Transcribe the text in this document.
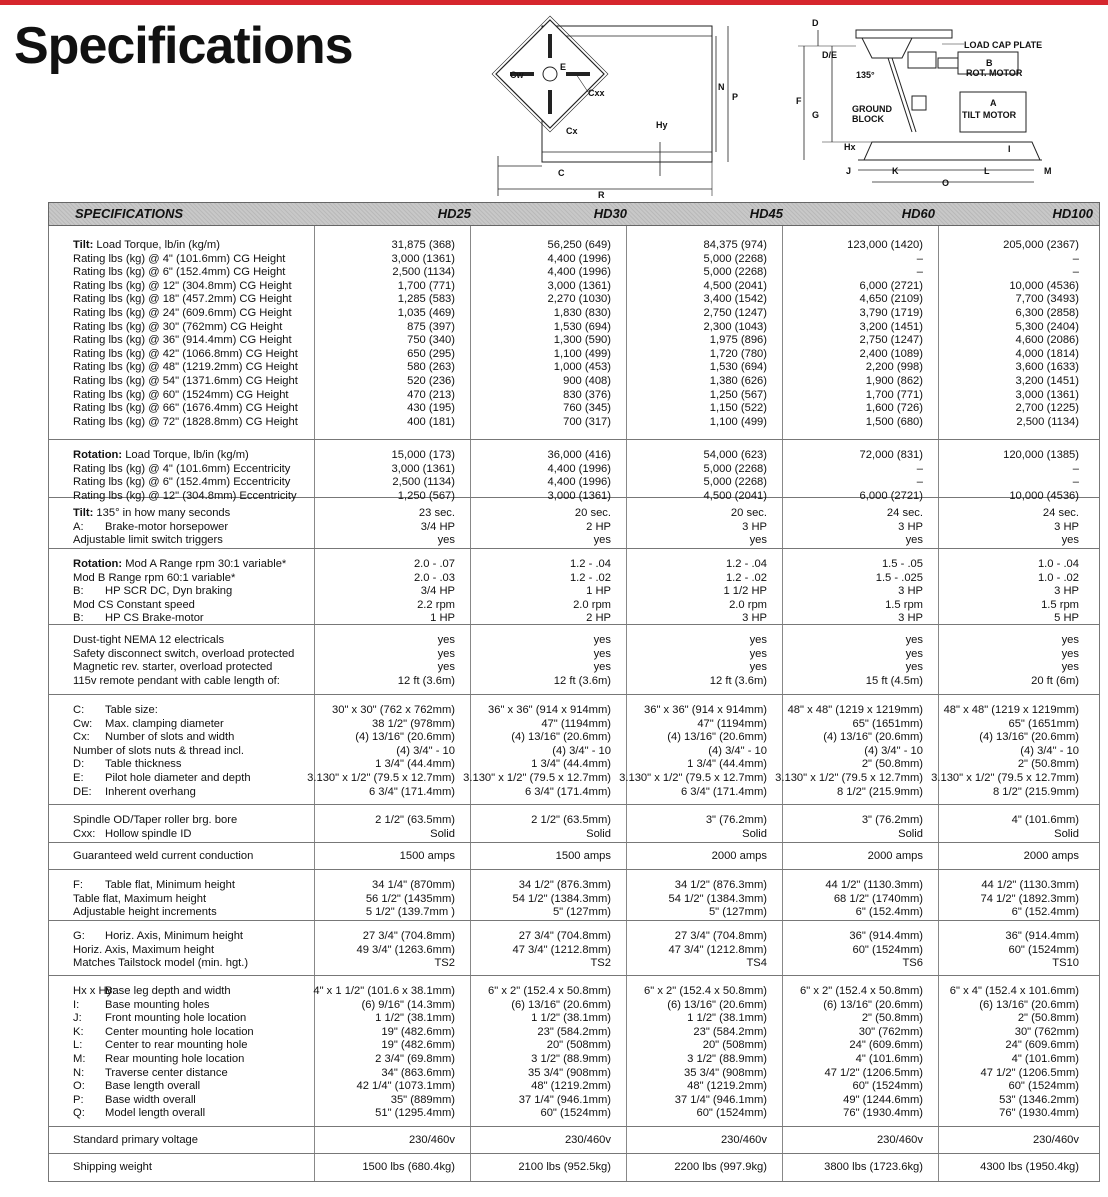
Specifications	Cw
E
Cxx
Cx
Hy
N
P
C
R
D
D/E
LOAD CAP PLATE
B
ROT. MOTOR
135°
F
G
GROUND
BLOCK
A
TILT MOTOR
Hx
J	K	L
I
O
M
SPECIFICATIONS	HD25	HD30	HD45	HD60	HD100
Tilt: Load Torque, lb/in (kg/m)	31,875 (368)	56,250 (649)	84,375 (974)	123,000 (1420)	205,000 (2367)
Rating lbs (kg) @ 4" (101.6mm) CG Height	3,000 (1361)	4,400 (1996)	5,000 (2268)	–	–
Rating lbs (kg) @ 6" (152.4mm) CG Height	2,500 (1134)	4,400 (1996)	5,000 (2268)	–	–
Rating lbs (kg) @ 12" (304.8mm) CG Height	1,700 (771)	3,000 (1361)	4,500 (2041)	6,000 (2721)	10,000 (4536)
Rating lbs (kg) @ 18" (457.2mm) CG Height	1,285 (583)	2,270 (1030)	3,400 (1542)	4,650 (2109)	7,700 (3493)
Rating lbs (kg) @ 24" (609.6mm) CG Height	1,035 (469)	1,830 (830)	2,750 (1247)	3,790 (1719)	6,300 (2858)
Rating lbs (kg) @ 30" (762mm) CG Height	875 (397)	1,530 (694)	2,300 (1043)	3,200 (1451)	5,300 (2404)
Rating lbs (kg) @ 36" (914.4mm) CG Height	750 (340)	1,300 (590)	1,975 (896)	2,750 (1247)	4,600 (2086)
Rating lbs (kg) @ 42" (1066.8mm) CG Height	650 (295)	1,100 (499)	1,720 (780)	2,400 (1089)	4,000 (1814)
Rating lbs (kg) @ 48" (1219.2mm) CG Height	580 (263)	1,000 (453)	1,530 (694)	2,200 (998)	3,600 (1633)
Rating lbs (kg) @ 54" (1371.6mm) CG Height	520 (236)	900 (408)	1,380 (626)	1,900 (862)	3,200 (1451)
Rating lbs (kg) @ 60" (1524mm) CG Height	470 (213)	830 (376)	1,250 (567)	1,700 (771)	3,000 (1361)
Rating lbs (kg) @ 66" (1676.4mm) CG Height	430 (195)	760 (345)	1,150 (522)	1,600 (726)	2,700 (1225)
Rating lbs (kg) @ 72" (1828.8mm) CG Height	400 (181)	700 (317)	1,100 (499)	1,500 (680)	2,500 (1134)
Rotation: Load Torque, lb/in (kg/m)	15,000 (173)	36,000 (416)	54,000 (623)	72,000 (831)	120,000 (1385)
Rating lbs (kg) @ 4" (101.6mm) Eccentricity	3,000 (1361)	4,400 (1996)	5,000 (2268)	–	–
Rating lbs (kg) @ 6" (152.4mm) Eccentricity	2,500 (1134)	4,400 (1996)	5,000 (2268)	–	–
Rating lbs (kg) @ 12" (304.8mm) Eccentricity	1,250 (567)	3,000 (1361)	4,500 (2041)	6,000 (2721)	10,000 (4536)
Tilt: 135° in how many seconds	23 sec.	20 sec.	20 sec.	24 sec.	24 sec.
A: Brake-motor horsepower	3/4 HP	2 HP	3 HP	3 HP	3 HP
Adjustable limit switch triggers	yes	yes	yes	yes	yes
Rotation: Mod A Range rpm 30:1 variable*	2.0 - .07	1.2 - .04	1.2 - .04	1.5 - .05	1.0 - .04
Mod B Range rpm 60:1 variable*	2.0 - .03	1.2 - .02	1.2 - .02	1.5 - .025	1.0 - .02
B: HP SCR DC, Dyn braking	3/4 HP	1 HP	1 1/2 HP	3 HP	3 HP
Mod CS Constant speed	2.2 rpm	2.0 rpm	2.0 rpm	1.5 rpm	1.5 rpm
B: HP CS Brake-motor	1 HP	2 HP	3 HP	3 HP	5 HP
Dust-tight NEMA 12 electricals	yes	yes	yes	yes	yes
Safety disconnect switch, overload protected	yes	yes	yes	yes	yes
Magnetic rev. starter, overload protected	yes	yes	yes	yes	yes
115v remote pendant with cable length of:	12 ft (3.6m)	12 ft (3.6m)	12 ft (3.6m)	15 ft (4.5m)	20 ft (6m)
C: Table size:	30" x 30" (762 x 762mm)	36" x 36" (914 x 914mm)	36" x 36" (914 x 914mm)	48" x 48" (1219 x 1219mm)	48" x 48" (1219 x 1219mm)
Cw: Max. clamping diameter	38 1/2" (978mm)	47" (1194mm)	47" (1194mm)	65" (1651mm)	65" (1651mm)
Cx: Number of slots and width	(4) 13/16" (20.6mm)	(4) 13/16" (20.6mm)	(4) 13/16" (20.6mm)	(4) 13/16" (20.6mm)	(4) 13/16" (20.6mm)
Number of slots nuts & thread incl.	(4) 3/4" - 10	(4) 3/4" - 10	(4) 3/4" - 10	(4) 3/4" - 10	(4) 3/4" - 10
D: Table thickness	1 3/4" (44.4mm)	1 3/4" (44.4mm)	1 3/4" (44.4mm)	2" (50.8mm)	2" (50.8mm)
E: Pilot hole diameter and depth	3.130" x 1/2" (79.5 x 12.7mm) 3.130" x 1/2" (79.5 x 12.7mm) 3.130" x 1/2" (79.5 x 12.7mm) 3.130" x 1/2" (79.5 x 12.7mm) 3.130" x 1/2" (79.5 x 12.7mm)
DE: Inherent overhang	6 3/4" (171.4mm)	6 3/4" (171.4mm)	6 3/4" (171.4mm)	8 1/2" (215.9mm)	8 1/2" (215.9mm)
Spindle OD/Taper roller brg. bore	2 1/2" (63.5mm)	2 1/2" (63.5mm)	3" (76.2mm)	3" (76.2mm)	4" (101.6mm)
Cxx: Hollow spindle ID	Solid	Solid	Solid	Solid	Solid
Guaranteed weld current conduction	1500 amps	1500 amps	2000 amps	2000 amps	2000 amps
F: Table flat, Minimum height	34 1/4" (870mm)	34 1/2" (876.3mm)	34 1/2" (876.3mm)	44 1/2" (1130.3mm)	44 1/2" (1130.3mm)
Table flat, Maximum height	56 1/2" (1435mm)	54 1/2" (1384.3mm)	54 1/2" (1384.3mm)	68 1/2" (1740mm)	74 1/2" (1892.3mm)
Adjustable height increments	5 1/2" (139.7mm )	5" (127mm)	5" (127mm)	6" (152.4mm)	6" (152.4mm)
G: Horiz. Axis, Minimum height	27 3/4" (704.8mm)	27 3/4" (704.8mm)	27 3/4" (704.8mm)	36" (914.4mm)	36" (914.4mm)
Horiz. Axis, Maximum height	49 3/4" (1263.6mm)	47 3/4" (1212.8mm)	47 3/4" (1212.8mm)	60" (1524mm)	60" (1524mm)
Matches Tailstock model (min. hgt.)	TS2	TS2	TS4	TS6	TS10
Hx x Hy:
Base leg depth and width	4" x 1 1/2" (101.6 x 38.1mm)	6" x 2" (152.4 x 50.8mm)	6" x 2" (152.4 x 50.8mm)	6" x 2" (152.4 x 50.8mm)	6" x 4" (152.4 x 101.6mm)
I: Base mounting holes	(6) 9/16" (14.3mm)	(6) 13/16" (20.6mm)	(6) 13/16" (20.6mm)	(6) 13/16" (20.6mm)	(6) 13/16" (20.6mm)
J: Front mounting hole location	1 1/2" (38.1mm)	1 1/2" (38.1mm)	1 1/2" (38.1mm)	2" (50.8mm)	2" (50.8mm)
K: Center mounting hole location	19" (482.6mm)	23" (584.2mm)	23" (584.2mm)	30" (762mm)	30" (762mm)
L: Center to rear mounting hole	19" (482.6mm)	20" (508mm)	20" (508mm)	24" (609.6mm)	24" (609.6mm)
M: Rear mounting hole location	2 3/4" (69.8mm)	3 1/2" (88.9mm)	3 1/2" (88.9mm)	4" (101.6mm)	4" (101.6mm)
N: Traverse center distance	34" (863.6mm)	35 3/4" (908mm)	35 3/4" (908mm)	47 1/2" (1206.5mm)	47 1/2" (1206.5mm)
O: Base length overall	42 1/4" (1073.1mm)	48" (1219.2mm)	48" (1219.2mm)	60" (1524mm)	60" (1524mm)
P: Base width overall	35" (889mm)	37 1/4" (946.1mm)	37 1/4" (946.1mm)	49" (1244.6mm)	53" (1346.2mm)
Q: Model length overall	51" (1295.4mm)	60" (1524mm)	60" (1524mm)	76" (1930.4mm)	76" (1930.4mm)
Standard primary voltage	230/460v	230/460v	230/460v	230/460v	230/460v
Shipping weight	1500 lbs (680.4kg)	2100 lbs (952.5kg)	2200 lbs (997.9kg)	3800 lbs (1723.6kg)	4300 lbs (1950.4kg)
